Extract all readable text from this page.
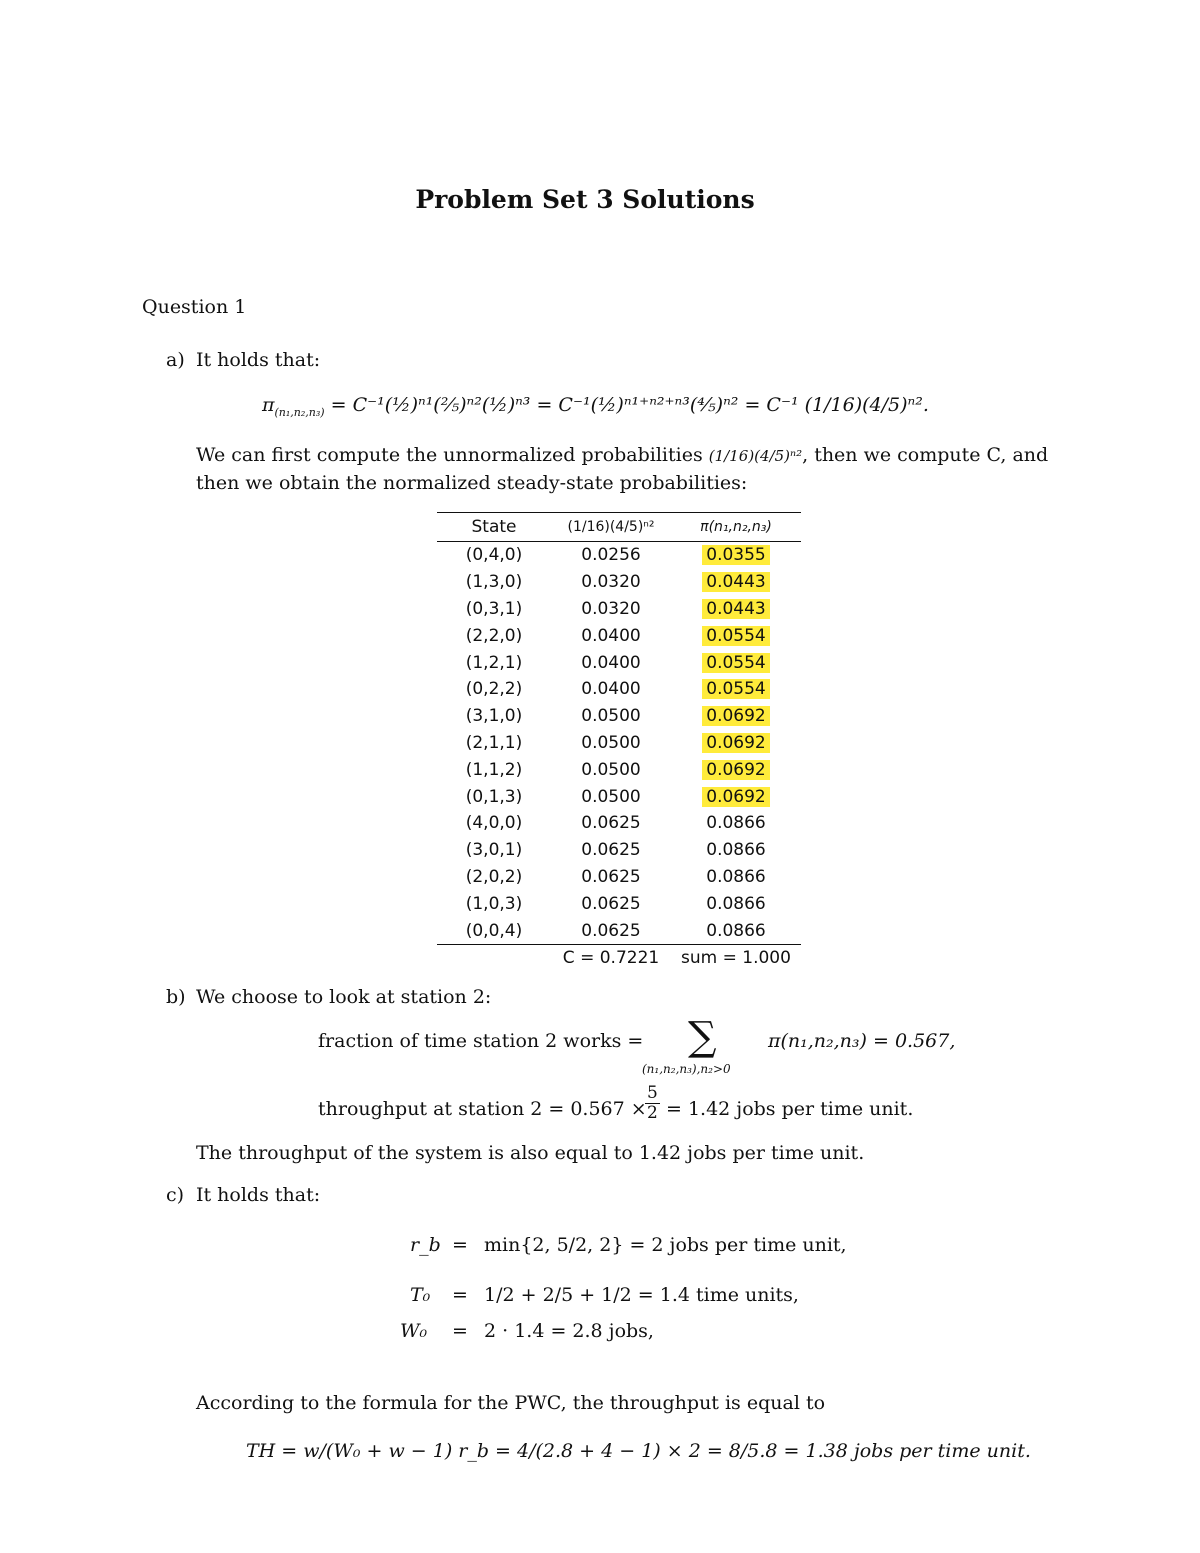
Problem Set 3 Solutions
Question 1
a) It holds that:
$\pi_{(n_1,n_2,n_3)}$ = C⁻¹(½)ⁿ¹(⅖)ⁿ²(½)ⁿ³ = C⁻¹(½)ⁿ¹⁺ⁿ²⁺ⁿ³(⅘)ⁿ² = C⁻¹ (1/16)(4/5)ⁿ².
We can first compute the unnormalized probabilities (1/16)(4/5)ⁿ², then we compute C, and
then we obtain the normalized steady-state probabilities:
State	(1/16)(4/5)ⁿ²	π(n₁,n₂,n₃)
(0,4,0)	0.0256	0.0355
(1,3,0)	0.0320	0.0443
(0,3,1)	0.0320	0.0443
(2,2,0)	0.0400	0.0554
(1,2,1)	0.0400	0.0554
(0,2,2)	0.0400	0.0554
(3,1,0)	0.0500	0.0692
(2,1,1)	0.0500	0.0692
(1,1,2)	0.0500	0.0692
(0,1,3)	0.0500	0.0692
(4,0,0)	0.0625	0.0866
(3,0,1)	0.0625	0.0866
(2,0,2)	0.0625	0.0866
(1,0,3)	0.0625	0.0866
(0,0,4)	0.0625	0.0866
	C = 0.7221	sum = 1.000
b) We choose to look at station 2:
fraction of time station 2 works = ∑
(n₁,n₂,n₃),n₂>0
π(n₁,n₂,n₃) = 0.567,
throughput at station 2 = 0.567 ×
$\frac{5}{2} = 1.42$ jobs per time unit.
The throughput of the system is also equal to 1.42 jobs per time unit.
c) It holds that:
r_b = min{2, 5/2, 2} = 2 jobs per time unit,
T₀ = 1/2 + 2/5 + 1/2 = 1.4 time units,
W₀ = 2 · 1.4 = 2.8 jobs,
According to the formula for the PWC, the throughput is equal to
TH = w/(W₀ + w − 1) r_b = 4/(2.8 + 4 − 1) × 2 = 8/5.8 = 1.38 jobs per time unit.
